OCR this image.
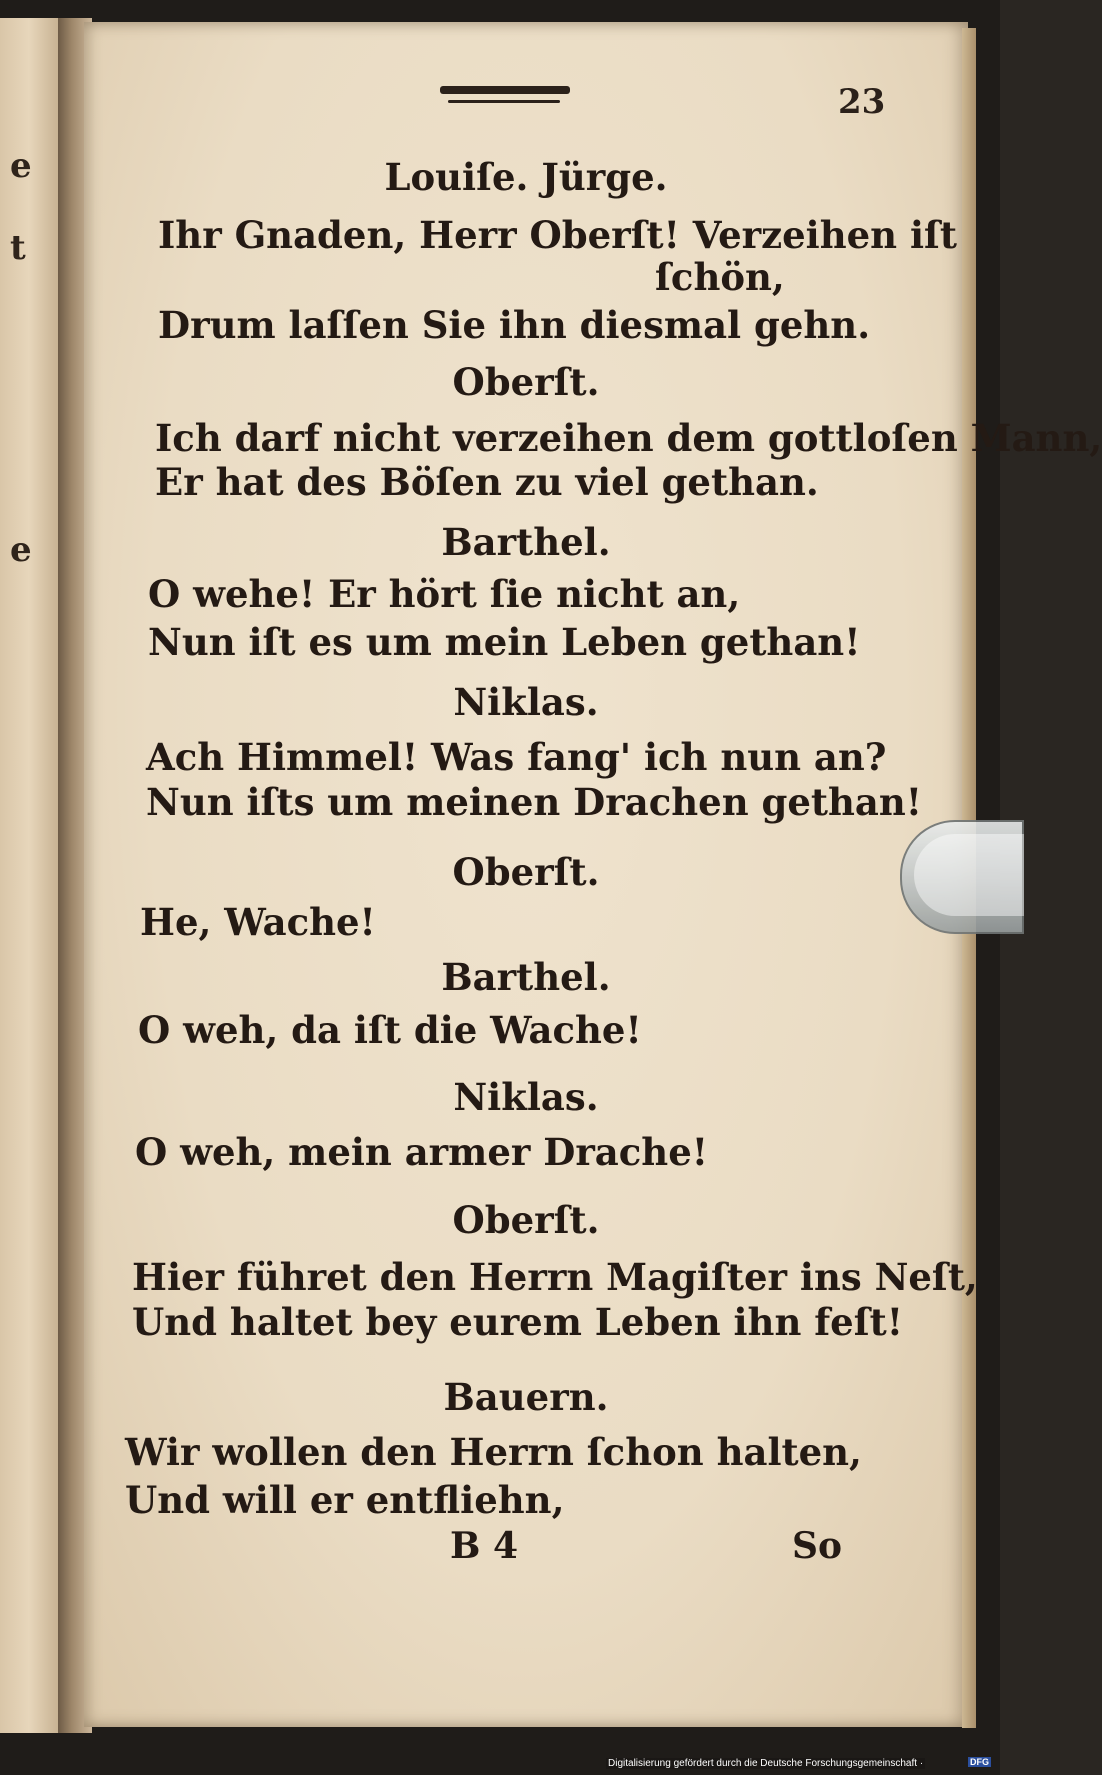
e
t
e
23
Louiſe. Jürge.
Ihr Gnaden, Herr Oberſt! Verzeihen iſt
ſchön,
Drum laſſen Sie ihn diesmal gehn.
Oberſt.
Ich darf nicht verzeihen dem gottloſen Mann,
Er hat des Böſen zu viel gethan.
Barthel.
O wehe! Er hört ſie nicht an,
Nun iſt es um mein Leben gethan!
Niklas.
Ach Himmel! Was fang' ich nun an?
Nun iſts um meinen Drachen gethan!
Oberſt.
He, Wache!
Barthel.
O weh, da iſt die Wache!
Niklas.
O weh, mein armer Drache!
Oberſt.
Hier führet den Herrn Magiſter ins Neſt,
Und haltet bey eurem Leben ihn feſt!
Bauern.
Wir wollen den Herrn ſchon halten,
Und will er entfliehn,
B 4	So
Digitalisierung gefördert durch die Deutsche Forschungsgemeinschaft ·	DFG
